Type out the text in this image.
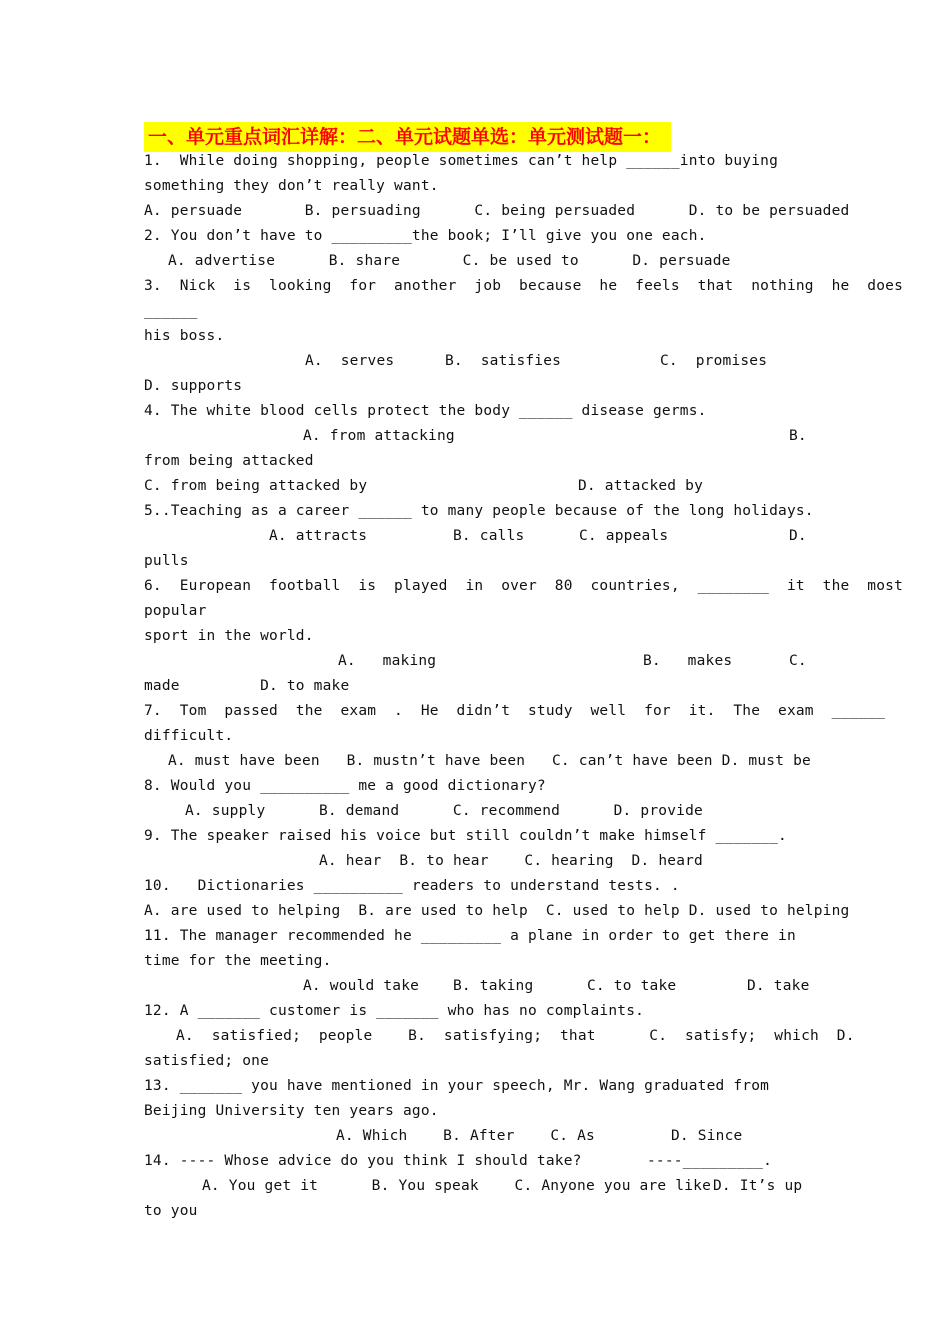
一、单元重点词汇详解：二、单元试题单选：单元测试题一：
1.  While doing shopping, people sometimes can’t help ______into buying
something they don’t really want.
A. persuade       B. persuading      C. being persuaded      D. to be persuaded
2. You don’t have to _________the book; I’ll give you one each.
A. advertise      B. share       C. be used to      D. persuade
3.  Nick  is  looking  for  another  job  because  he  feels  that  nothing  he  does
______
his boss.
A.  serves	B.  satisfies	C.  promises
D. supports
4. The white blood cells protect the body ______ disease germs.
A. from attacking	B.
from being attacked
C. from being attacked by	D. attacked by
5..Teaching as a career ______ to many people because of the long holidays.
A. attracts	B. calls	C. appeals	D.
pulls
6.  European  football  is  played  in  over  80  countries,  ________  it  the  most
popular
sport in the world.
A.   making	B.   makes	C.
made         D. to make
7.  Tom  passed  the  exam  .  He  didn’t  study  well  for  it.  The  exam  ______
difficult.
A. must have been   B. mustn’t have been   C. can’t have been D. must be
8. Would you __________ me a good dictionary?
A. supply      B. demand      C. recommend      D. provide
9. The speaker raised his voice but still couldn’t make himself _______.
A. hear  B. to hear    C. hearing  D. heard
10.   Dictionaries __________ readers to understand tests. .
A. are used to helping  B. are used to help  C. used to help D. used to helping
11. The manager recommended he _________ a plane in order to get there in
time for the meeting.
A. would take B. taking	C. to take	D. take
12. A _______ customer is _______ who has no complaints.
A.  satisfied;  people    B.  satisfying;  that      C.  satisfy;  which  D.
satisfied; one
13. _______ you have mentioned in your speech, Mr. Wang graduated from
Beijing University ten years ago.
A. Which    B. After    C. As	D. Since
14. ---- Whose advice do you think I should take?	----_________.
A. You get it      B. You speak    C. Anyone you are like D. It’s up
to you
